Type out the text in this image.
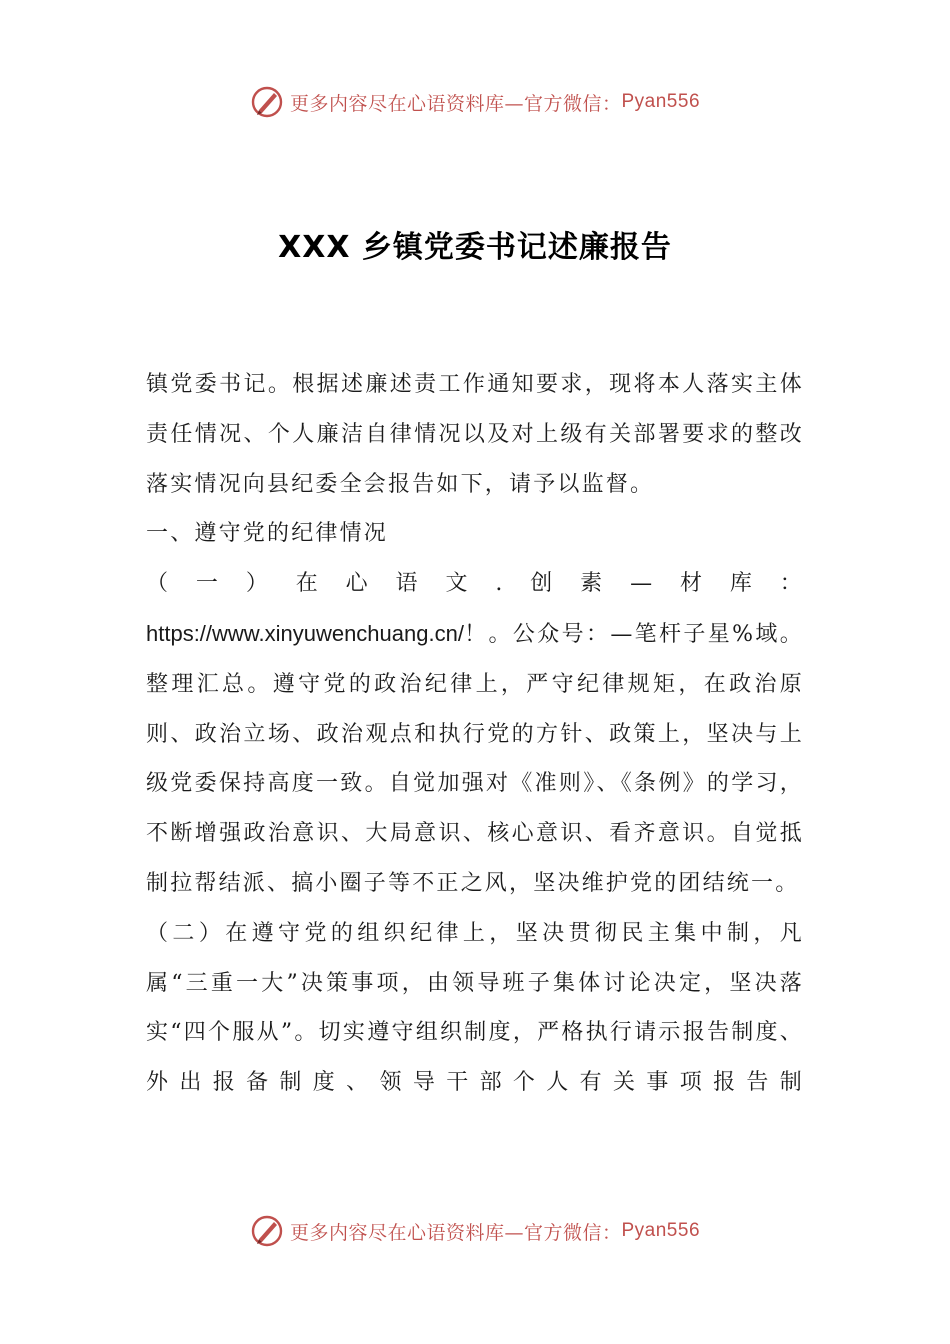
更多内容尽在心语资料库—官方微信： Pyan556
XXX 乡镇党委书记述廉报告

镇党委书记。根据述廉述责工作通知要求，现将本人落实主体责任情况、个人廉洁自律情况以及对上级有关部署要求的整改落实情况向县纪委全会报告如下，请予以监督。

一、遵守党的纪律情况

（一）在心语文.创素—材库：https://www.xinyuwenchuang.cn/！。公众号：—笔杆子星%域。整理汇总。遵守党的政治纪律上，严守纪律规矩，在政治原则、政治立场、政治观点和执行党的方针、政策上，坚决与上级党委保持高度一致。自觉加强对《准则》、《条例》的学习，不断增强政治意识、大局意识、核心意识、看齐意识。自觉抵制拉帮结派、搞小圈子等不正之风，坚决维护党的团结统一。

（二）在遵守党的组织纪律上，坚决贯彻民主集中制，凡属“三重一大”决策事项，由领导班子集体讨论决定，坚决落实“四个服从”。切实遵守组织制度，严格执行请示报告制度、外出报备制度、领导干部个人有关事项报告制

更多内容尽在心语资料库—官方微信： Pyan556
